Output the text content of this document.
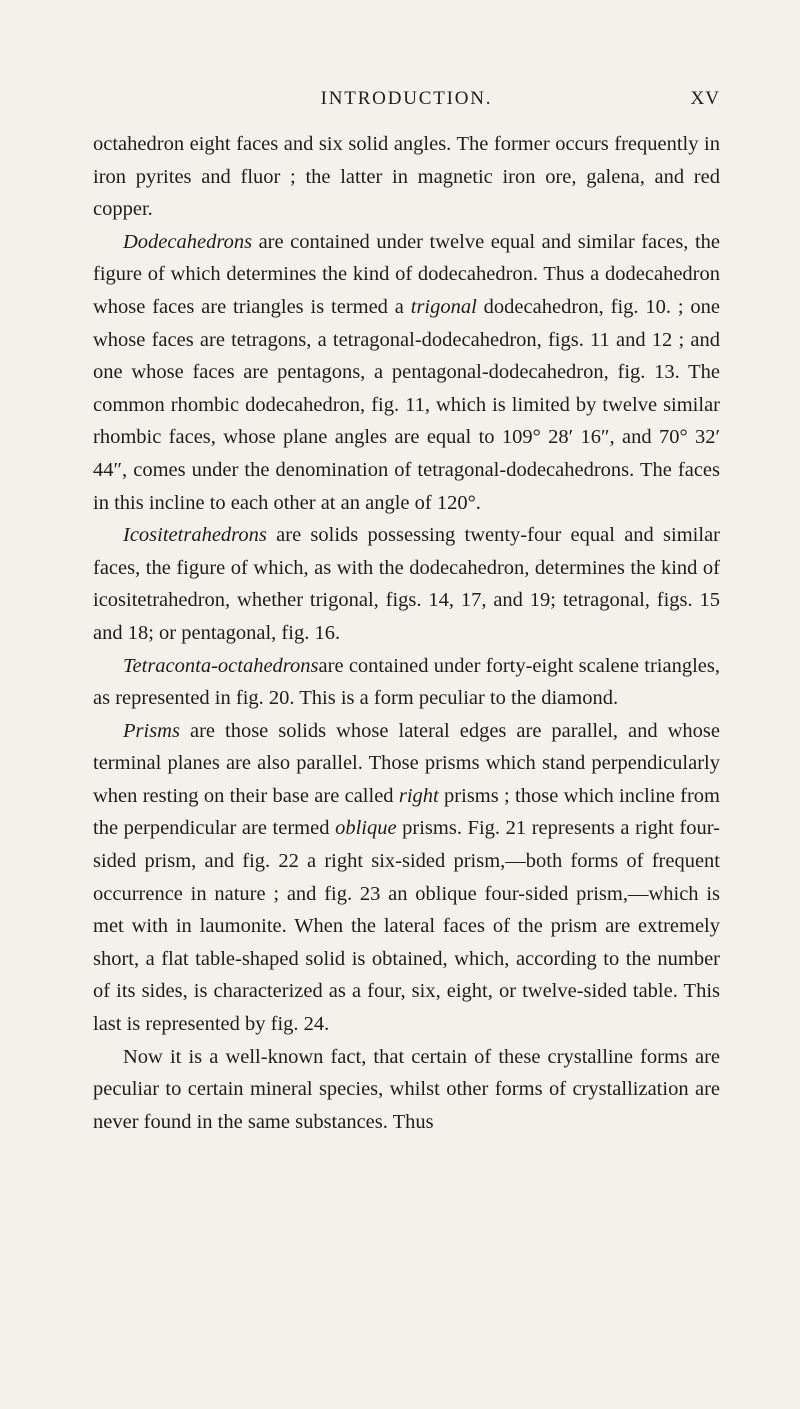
INTRODUCTION.	XV

octahedron eight faces and six solid angles. The former occurs frequently in iron pyrites and fluor ; the latter in magnetic iron ore, galena, and red copper.

Dodecahedrons are contained under twelve equal and similar faces, the figure of which determines the kind of dodecahedron. Thus a dodecahedron whose faces are triangles is termed a trigonal dodecahedron, fig. 10. ; one whose faces are tetragons, a tetragonal-dodecahedron, figs. 11 and 12 ; and one whose faces are pentagons, a pentagonal-dodecahedron, fig. 13. The common rhombic dodecahedron, fig. 11, which is limited by twelve similar rhombic faces, whose plane angles are equal to 109° 28′ 16″, and 70° 32′ 44″, comes under the denomination of tetragonal-dodecahedrons. The faces in this incline to each other at an angle of 120°.

Icositetrahedrons are solids possessing twenty-four equal and similar faces, the figure of which, as with the dodecahedron, determines the kind of icositetrahedron, whether trigonal, figs. 14, 17, and 19; tetragonal, figs. 15 and 18; or pentagonal, fig. 16.

Tetraconta-octahedronsare contained under forty-eight scalene triangles, as represented in fig. 20. This is a form peculiar to the diamond.

Prisms are those solids whose lateral edges are parallel, and whose terminal planes are also parallel. Those prisms which stand perpendicularly when resting on their base are called right prisms ; those which incline from the perpendicular are termed oblique prisms. Fig. 21 represents a right four-sided prism, and fig. 22 a right six-sided prism,—both forms of frequent occurrence in nature ; and fig. 23 an oblique four-sided prism,—which is met with in laumonite. When the lateral faces of the prism are extremely short, a flat table-shaped solid is obtained, which, according to the number of its sides, is characterized as a four, six, eight, or twelve-sided table. This last is represented by fig. 24.

Now it is a well-known fact, that certain of these crystalline forms are peculiar to certain mineral species, whilst other forms of crystallization are never found in the same substances. Thus
